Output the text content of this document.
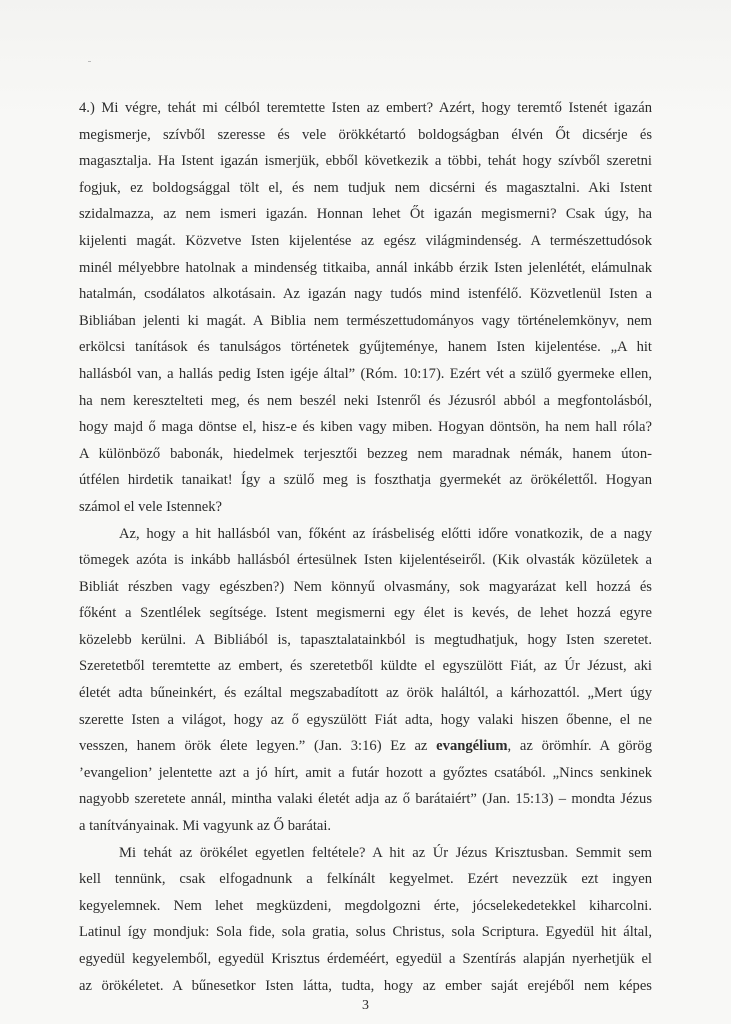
4.) Mi végre, tehát mi célból teremtette Isten az embert? Azért, hogy teremtő Istenét igazán
megismerje, szívből szeresse és vele örökkétartó boldogságban élvén Őt dicsérje és
magasztalja. Ha Istent igazán ismerjük, ebből következik a többi, tehát hogy szívből szeretni
fogjuk, ez boldogsággal tölt el, és nem tudjuk nem dicsérni és magasztalni. Aki Istent
szidalmazza, az nem ismeri igazán. Honnan lehet Őt igazán megismerni? Csak úgy, ha
kijelenti magát. Közvetve Isten kijelentése az egész világmindenség. A természettudósok
minél mélyebbre hatolnak a mindenség titkaiba, annál inkább érzik Isten jelenlétét, elámulnak
hatalmán, csodálatos alkotásain. Az igazán nagy tudós mind istenfélő. Közvetlenül Isten a
Bibliában jelenti ki magát. A Biblia nem természettudományos vagy történelemkönyv, nem
erkölcsi tanítások és tanulságos történetek gyűjteménye, hanem Isten kijelentése. „A hit
hallásból van, a hallás pedig Isten igéje által” (Róm. 10:17). Ezért vét a szülő gyermeke ellen,
ha nem keresztelteti meg, és nem beszél neki Istenről és Jézusról abból a megfontolásból,
hogy majd ő maga döntse el, hisz-e és kiben vagy miben. Hogyan döntsön, ha nem hall róla?
A különböző babonák, hiedelmek terjesztői bezzeg nem maradnak némák, hanem úton-
útfélen hirdetik tanaikat! Így a szülő meg is foszthatja gyermekét az örökélettől. Hogyan
számol el vele Istennek?
Az, hogy a hit hallásból van, főként az írásbeliség előtti időre vonatkozik, de a nagy
tömegek azóta is inkább hallásból értesülnek Isten kijelentéseiről. (Kik olvasták közületek a
Bibliát részben vagy egészben?) Nem könnyű olvasmány, sok magyarázat kell hozzá és
főként a Szentlélek segítsége. Istent megismerni egy élet is kevés, de lehet hozzá egyre
közelebb kerülni. A Bibliából is, tapasztalatainkból is megtudhatjuk, hogy Isten szeretet.
Szeretetből teremtette az embert, és szeretetből küldte el egyszülött Fiát, az Úr Jézust, aki
életét adta bűneinkért, és ezáltal megszabadított az örök haláltól, a kárhozattól. „Mert úgy
szerette Isten a világot, hogy az ő egyszülött Fiát adta, hogy valaki hiszen őbenne, el ne
vesszen, hanem örök élete legyen.” (Jan. 3:16) Ez az evangélium, az örömhír. A görög
’evangelion’ jelentette azt a jó hírt, amit a futár hozott a győztes csatából. „Nincs senkinek
nagyobb szeretete annál, mintha valaki életét adja az ő barátaiért” (Jan. 15:13) – mondta Jézus
a tanítványainak. Mi vagyunk az Ő barátai.
Mi tehát az örökélet egyetlen feltétele? A hit az Úr Jézus Krisztusban. Semmit sem
kell tennünk, csak elfogadnunk a felkínált kegyelmet. Ezért nevezzük ezt ingyen
kegyelemnek. Nem lehet megküzdeni, megdolgozni érte, jócselekedetekkel kiharcolni.
Latinul így mondjuk: Sola fide, sola gratia, solus Christus, sola Scriptura. Egyedül hit által,
egyedül kegyelemből, egyedül Krisztus érdeméért, egyedül a Szentírás alapján nyerhetjük el
az örökéletet. A bűnesetkor Isten látta, tudta, hogy az ember saját erejéből nem képes
3
